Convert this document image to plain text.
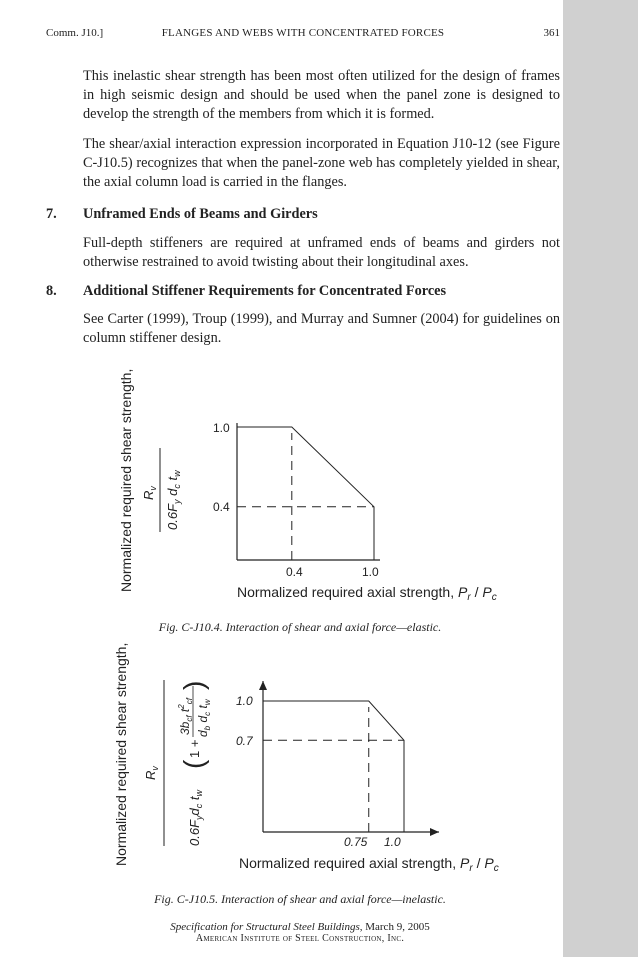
Comm. J10.]	FLANGES AND WEBS WITH CONCENTRATED FORCES	361
This inelastic shear strength has been most often utilized for the design of frames in high seismic design and should be used when the panel zone is designed to develop the strength of the members from which it is formed.
The shear/axial interaction expression incorporated in Equation J10-12 (see Figure C-J10.5) recognizes that when the panel-zone web has completely yielded in shear, the axial column load is carried in the flanges.
7. Unframed Ends of Beams and Girders
Full-depth stiffeners are required at unframed ends of beams and girders not otherwise restrained to avoid twisting about their longitudinal axes.
8. Additional Stiffener Requirements for Concentrated Forces
See Carter (1999), Troup (1999), and Murray and Sumner (2004) for guidelines on column stiffener design.
Normalized required shear strength, $R_v$
$0.6F_y$ $d_c$ $t_w$
1.0
0.4
0.4	1.0
Normalized required axial strength, $P_r / P_c$
Normalized required shear strength, $R_v$
$0.6F_yd_c$ $t_w$
(
1 +
$3b_{cf}$ $t^2_{cf}$
$d_b$ $d_c$ $t_w$
)
1.0
0.7
0.75 1.0
Normalized required axial strength, $P_r / P_c$
Fig. C-J10.4. Interaction of shear and axial force—elastic.
Fig. C-J10.5. Interaction of shear and axial force—inelastic.
Specification for Structural Steel Buildings, March 9, 2005
American Institute of Steel Construction, Inc.
